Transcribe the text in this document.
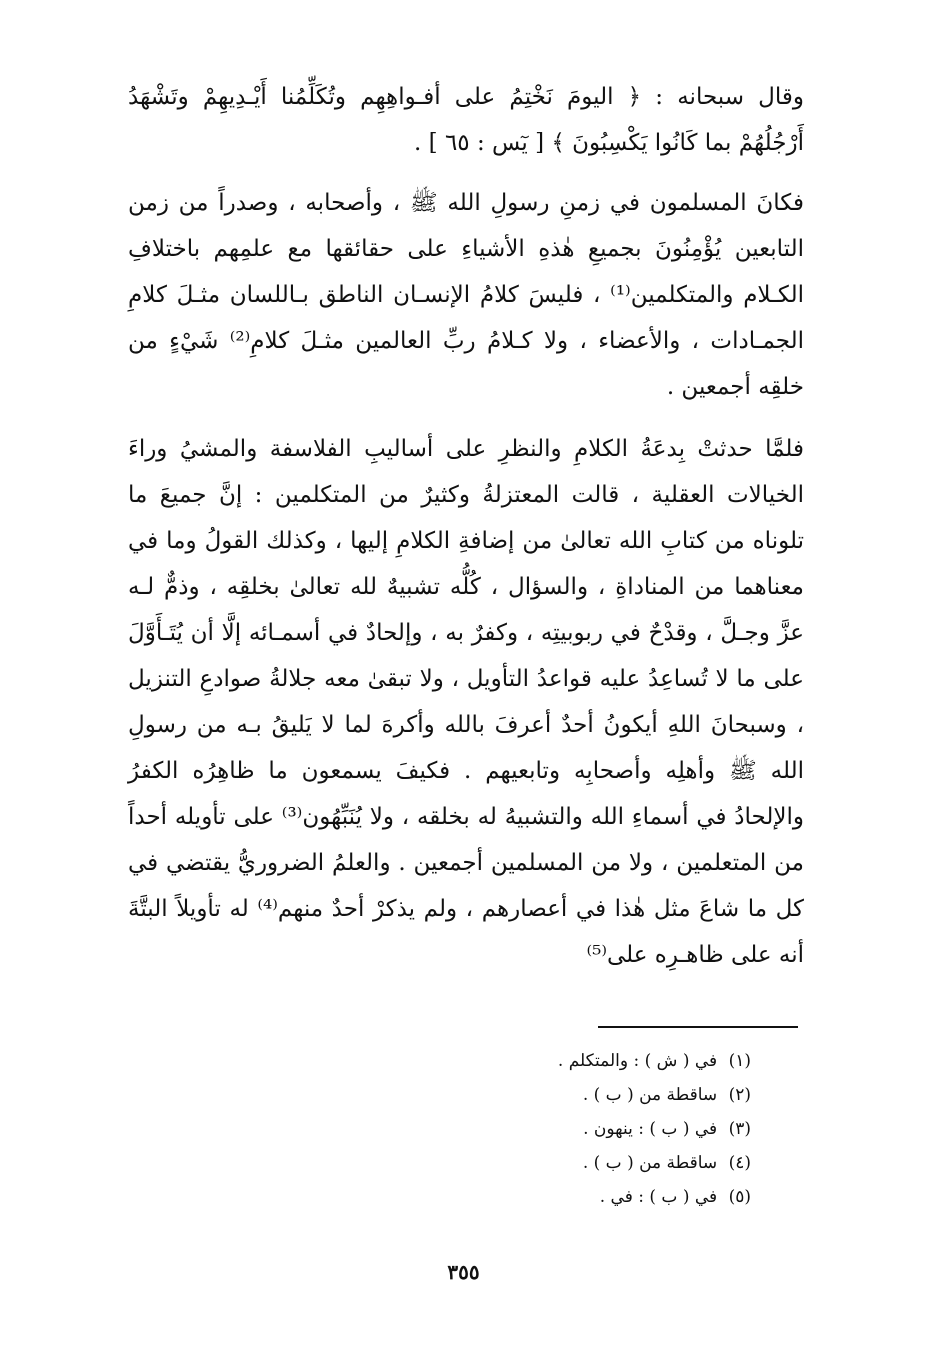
وقال سبحانه : ﴿ اليومَ نَخْتِمُ على أفـواهِهِم وتُكَلِّمُنا أَيْـدِيهِمْ وتَشْهَدُ أَرْجُلُهُمْ بما كَانُوا يَكْسِبُونَ ﴾ [ يٓس : ٦٥ ] .

فكانَ المسلمون في زمنِ رسولِ الله ﷺ ، وأصحابه ، وصدراً من زمن التابعين يُؤْمِنُونَ بجميعِ هٰذهِ الأشياءِ على حقائقها مع علمِهم باختلافِ الكـلام والمتكلمين⁽¹⁾ ، فليسَ كلامُ الإنسـان الناطق بـاللسان مثـلَ كلامِ الجمـادات ، والأعضاء ، ولا كـلامُ ربِّ العالمين مثـلَ كلامِ⁽²⁾ شَيْءٍ من خلقِه أجمعين .

فلمَّا حدثتْ بِدعَةُ الكلامِ والنظرِ على أساليبِ الفلاسفة والمشيُ وراءَ الخيالات العقلية ، قالت المعتزلةُ وكثيرٌ من المتكلمين : إنَّ جميعَ ما تلوناه من كتابِ الله تعالىٰ من إضافةِ الكلامِ إليها ، وكذلك القولُ وما في معناهما من المناداةِ ، والسؤال ، كُلُّه تشبيهٌ لله تعالىٰ بخلقِه ، وذمٌّ لـه عزَّ وجـلَّ ، وقدْحٌ في ربوبيتِه ، وكفرٌ به ، وإلحادٌ في أسمـائه إلَّا أن يُتَـأَوَّلَ على ما لا تُساعِدُ عليه قواعدُ التأويل ، ولا تبقىٰ معه جلالةُ صوادعِ التنزيل ، وسبحانَ اللهِ أيكونُ أحدٌ أعرفَ بالله وأكرهَ لما لا يَليقُ بـه من رسولِ الله ﷺ وأهلِه وأصحابِه وتابعيهم . فكيفَ يسمعون ما ظاهِرُه الكفرُ والإلحادُ في أسماءِ الله والتشبيهُ له بخلقه ، ولا يُنَبِّهُون⁽³⁾ على تأويله أحداً من المتعلمين ، ولا من المسلمين أجمعين . والعلمُ الضروريُّ يقتضي في كل ما شاعَ مثل هٰذا في أعصارهم ، ولم يذكرْ أحدٌ منهم⁽⁴⁾ له تأويلاً البتَّةَ أنه على ظاهـرِه على⁽⁵⁾

(١) في ( ش ) : والمتكلم .
(٢) ساقطة من ( ب ) .
(٣) في ( ب ) : ينهون .
(٤) ساقطة من ( ب ) .
(٥) في ( ب ) : في .
٣٥٥
